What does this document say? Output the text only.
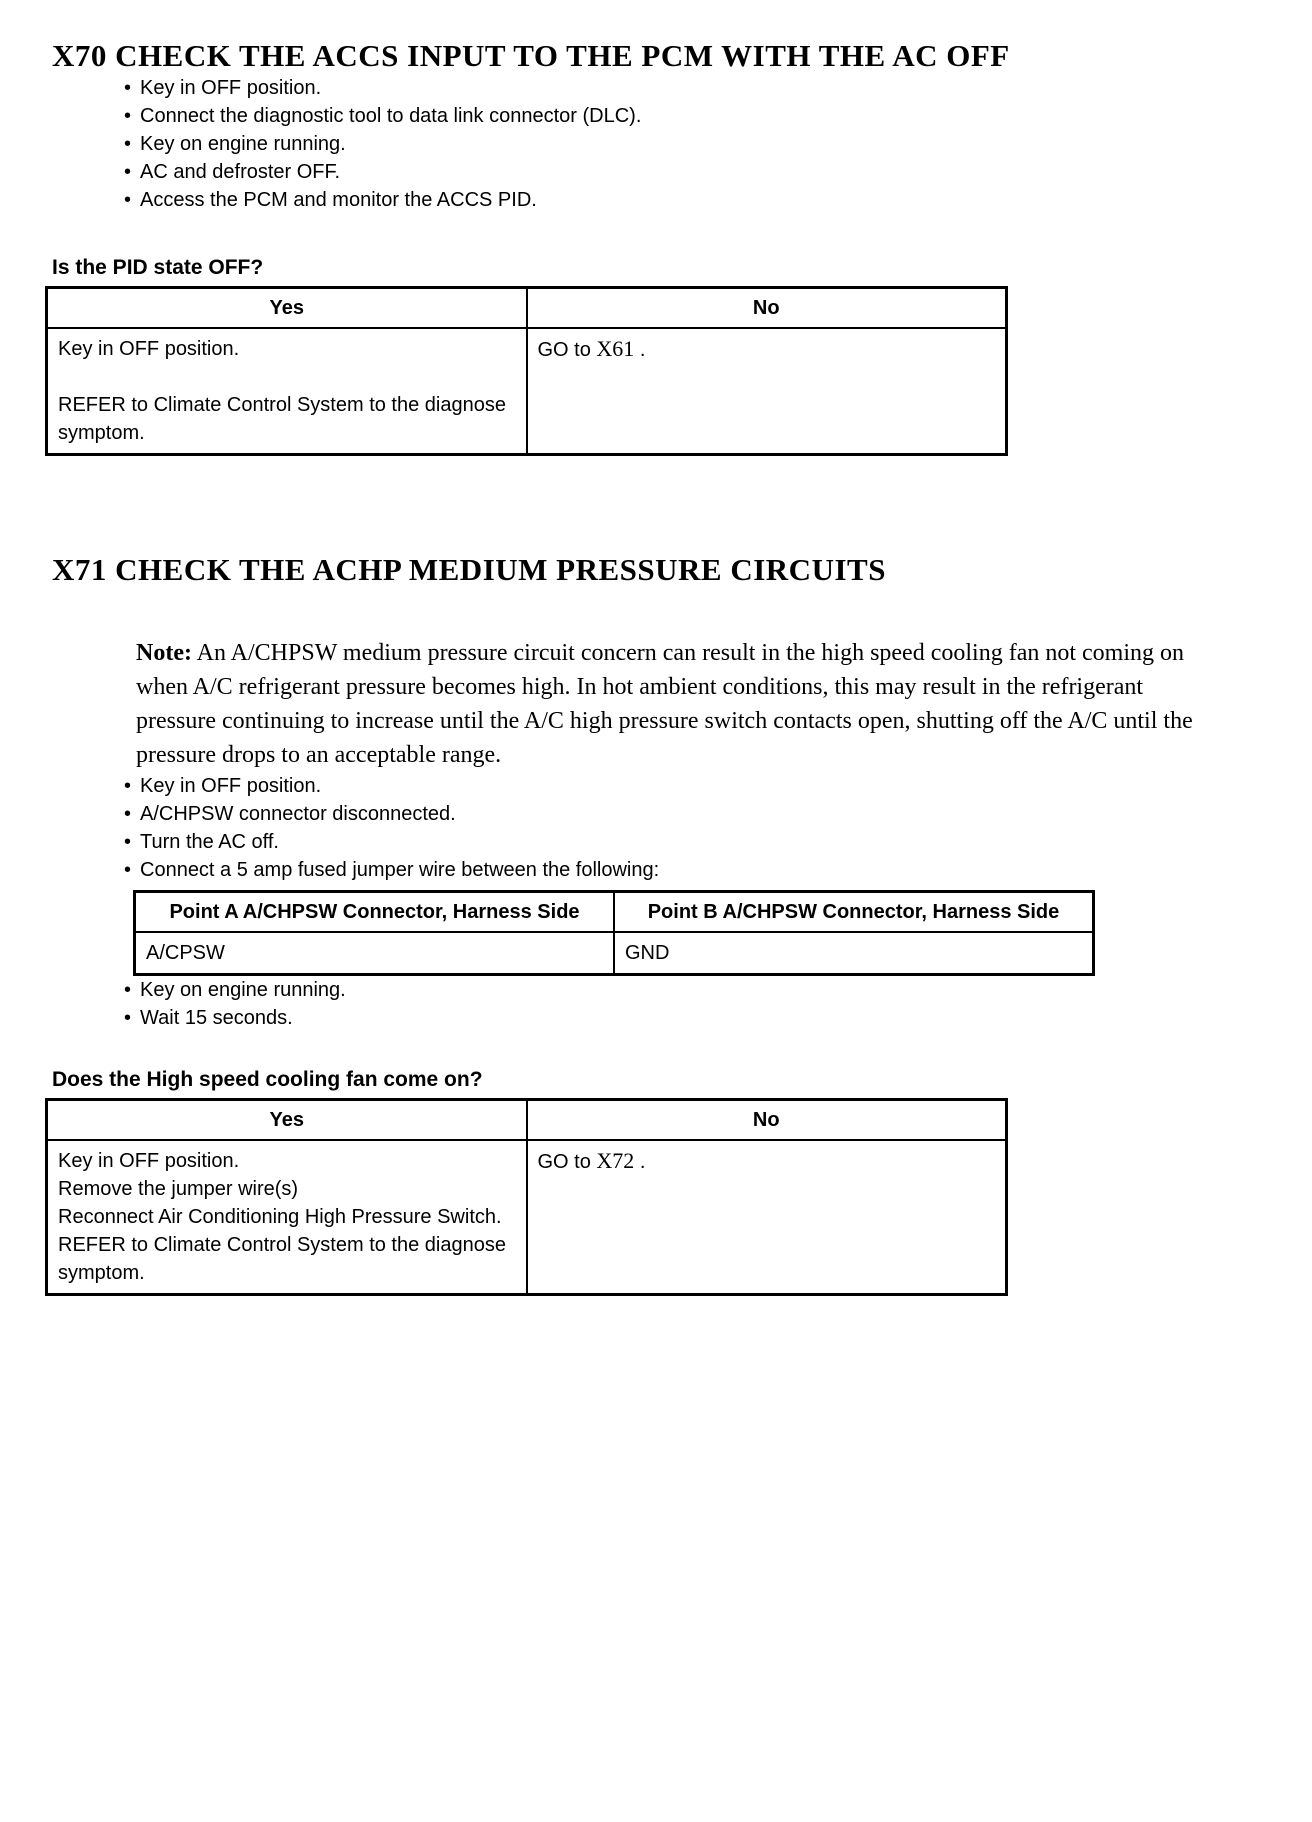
X70 CHECK THE ACCS INPUT TO THE PCM WITH THE AC OFF
• Key in OFF position.
• Connect the diagnostic tool to data link connector (DLC).
• Key on engine running.
• AC and defroster OFF.
• Access the PCM and monitor the ACCS PID.

Is the PID state OFF?

Yes	No

Key in OFF position.

REFER to Climate Control System to the diagnose symptom.	GO to X61 .
X71 CHECK THE ACHP MEDIUM PRESSURE CIRCUITS

Note: An A/CHPSW medium pressure circuit concern can result in the high speed cooling fan not coming on when A/C refrigerant pressure becomes high. In hot ambient conditions, this may result in the refrigerant pressure continuing to increase until the A/C high pressure switch contacts open, shutting off the A/C until the pressure drops to an acceptable range.

• Key in OFF position.
• A/CHPSW connector disconnected.
• Turn the AC off.
• Connect a 5 amp fused jumper wire between the following:
Point A A/CHPSW Connector, Harness Side	Point B A/CHPSW Connector, Harness Side
A/CPSW	GND
• Key on engine running.
• Wait 15 seconds.

Does the High speed cooling fan come on?

Yes	No

Key in OFF position.

Remove the jumper wire(s)

Reconnect Air Conditioning High Pressure Switch.

REFER to Climate Control System to the diagnose symptom.	GO to X72 .
